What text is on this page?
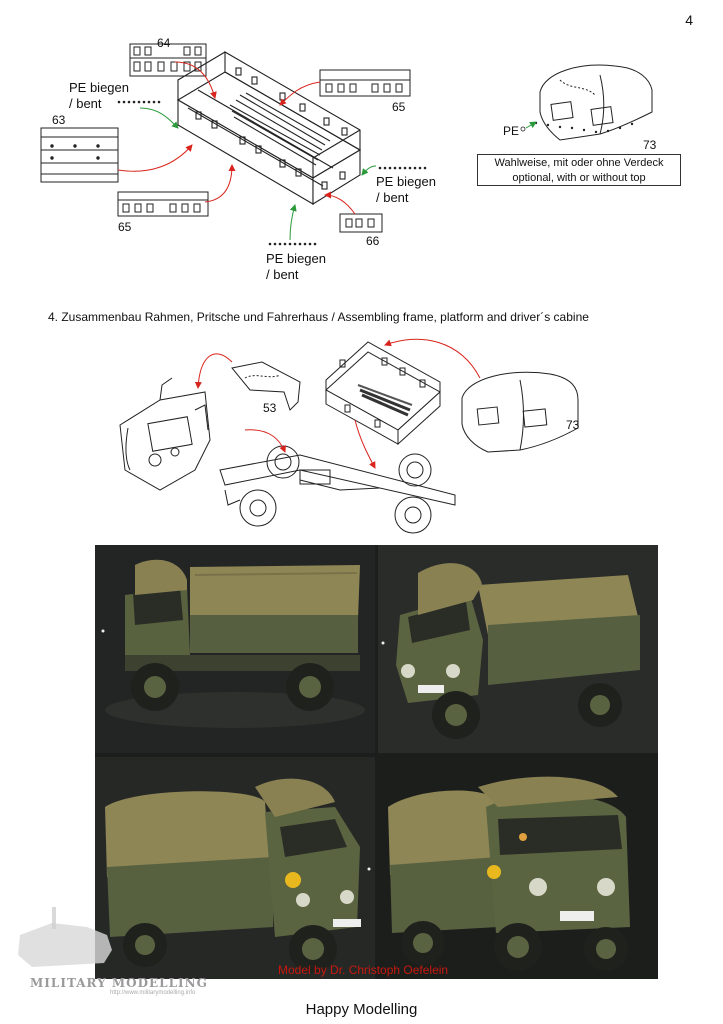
4
64
65
63
65
66
73
PE
PE biegen
/ bent
PE biegen
/ bent
PE biegen
/ bent
Wahlweise, mit oder ohne Verdeck
optional, with or without top
4. Zusammenbau Rahmen, Pritsche und Fahrerhaus / Assembling frame, platform and driver´s cabine
53
73
Model by Dr. Christoph Oefelein
MILITARY MODELLING
http://www.militarymodelling.info
Happy Modelling
